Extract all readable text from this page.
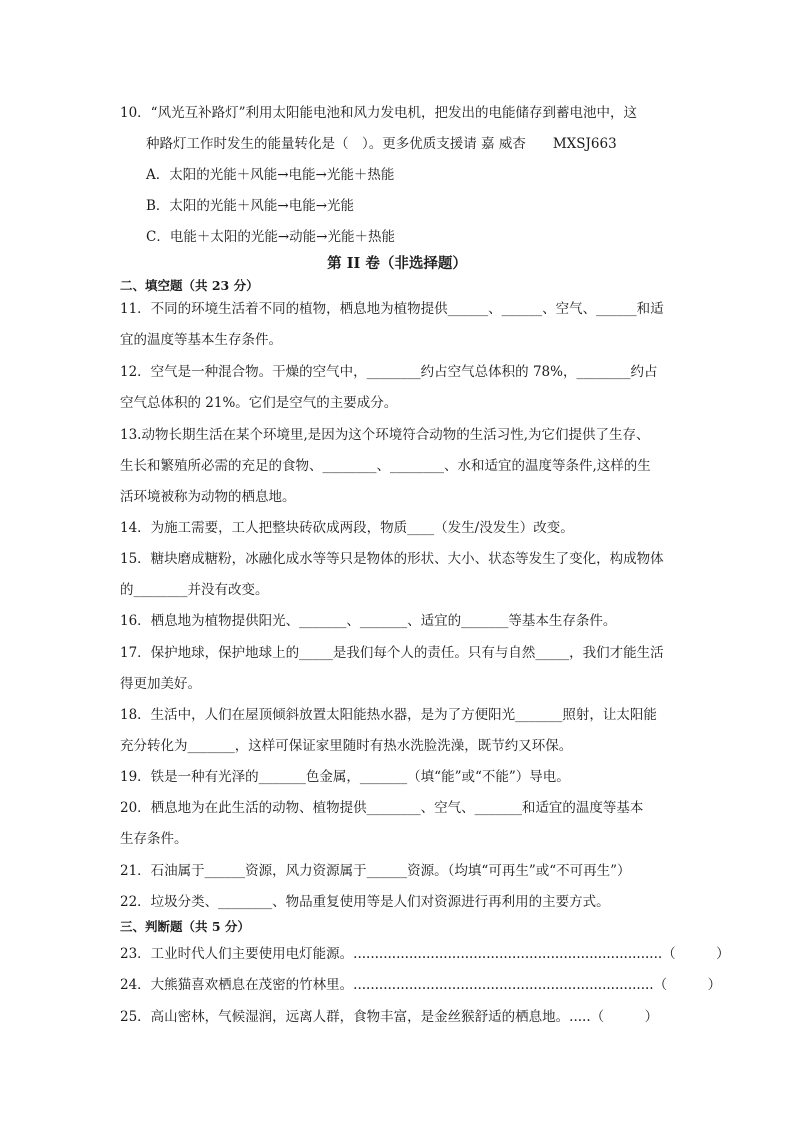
10．“风光互补路灯”利用太阳能电池和风力发电机，把发出的电能储存到蓄电池中，这
种路灯工作时发生的能量转化是（　）。更多优质支援请 嘉 威杏　　MXSJ663
A．太阳的光能＋风能→电能→光能＋热能
B．太阳的光能＋风能→电能→光能
C．电能＋太阳的光能→动能→光能＋热能
第 II 卷（非选择题）
二、填空题（共 23 分）
11．不同的环境生活着不同的植物，栖息地为植物提供______、______、空气、______和适
宜的温度等基本生存条件。
12．空气是一种混合物。干燥的空气中，________约占空气总体积的 78%，________约占
空气总体积的 21%。它们是空气的主要成分。
13.动物长期生活在某个环境里,是因为这个环境符合动物的生活习性,为它们提供了生存、
生长和繁殖所必需的充足的食物、________、________、水和适宜的温度等条件,这样的生
活环境被称为动物的栖息地。
14．为施工需要，工人把整块砖砍成两段，物质____（发生/没发生）改变。
15．糖块磨成糖粉，冰融化成水等等只是物体的形状、大小、状态等发生了变化，构成物体
的________并没有改变。
16．栖息地为植物提供阳光、_______、_______、适宜的_______等基本生存条件。
17．保护地球，保护地球上的_____是我们每个人的责任。只有与自然_____，我们才能生活
得更加美好。
18．生活中，人们在屋顶倾斜放置太阳能热水器，是为了方便阳光_______照射，让太阳能
充分转化为_______，这样可保证家里随时有热水洗脸洗澡，既节约又环保。
19．铁是一种有光泽的_______色金属，_______（填“能”或“不能”）导电。
20．栖息地为在此生活的动物、植物提供________、空气、_______和适宜的温度等基本
生存条件。
21．石油属于______资源，风力资源属于______资源。（均填“可再生”或“不可再生”）
22．垃圾分类、________、物品重复使用等是人们对资源进行再利用的主要方式。
三、判断题（共 5 分）
23．工业时代人们主要使用电灯能源。........................................................................（　　　）
24．大熊猫喜欢栖息在茂密的竹林里。......................................................................（　　　）
25．高山密林，气候湿润，远离人群，食物丰富，是金丝猴舒适的栖息地。.....（　　　）
